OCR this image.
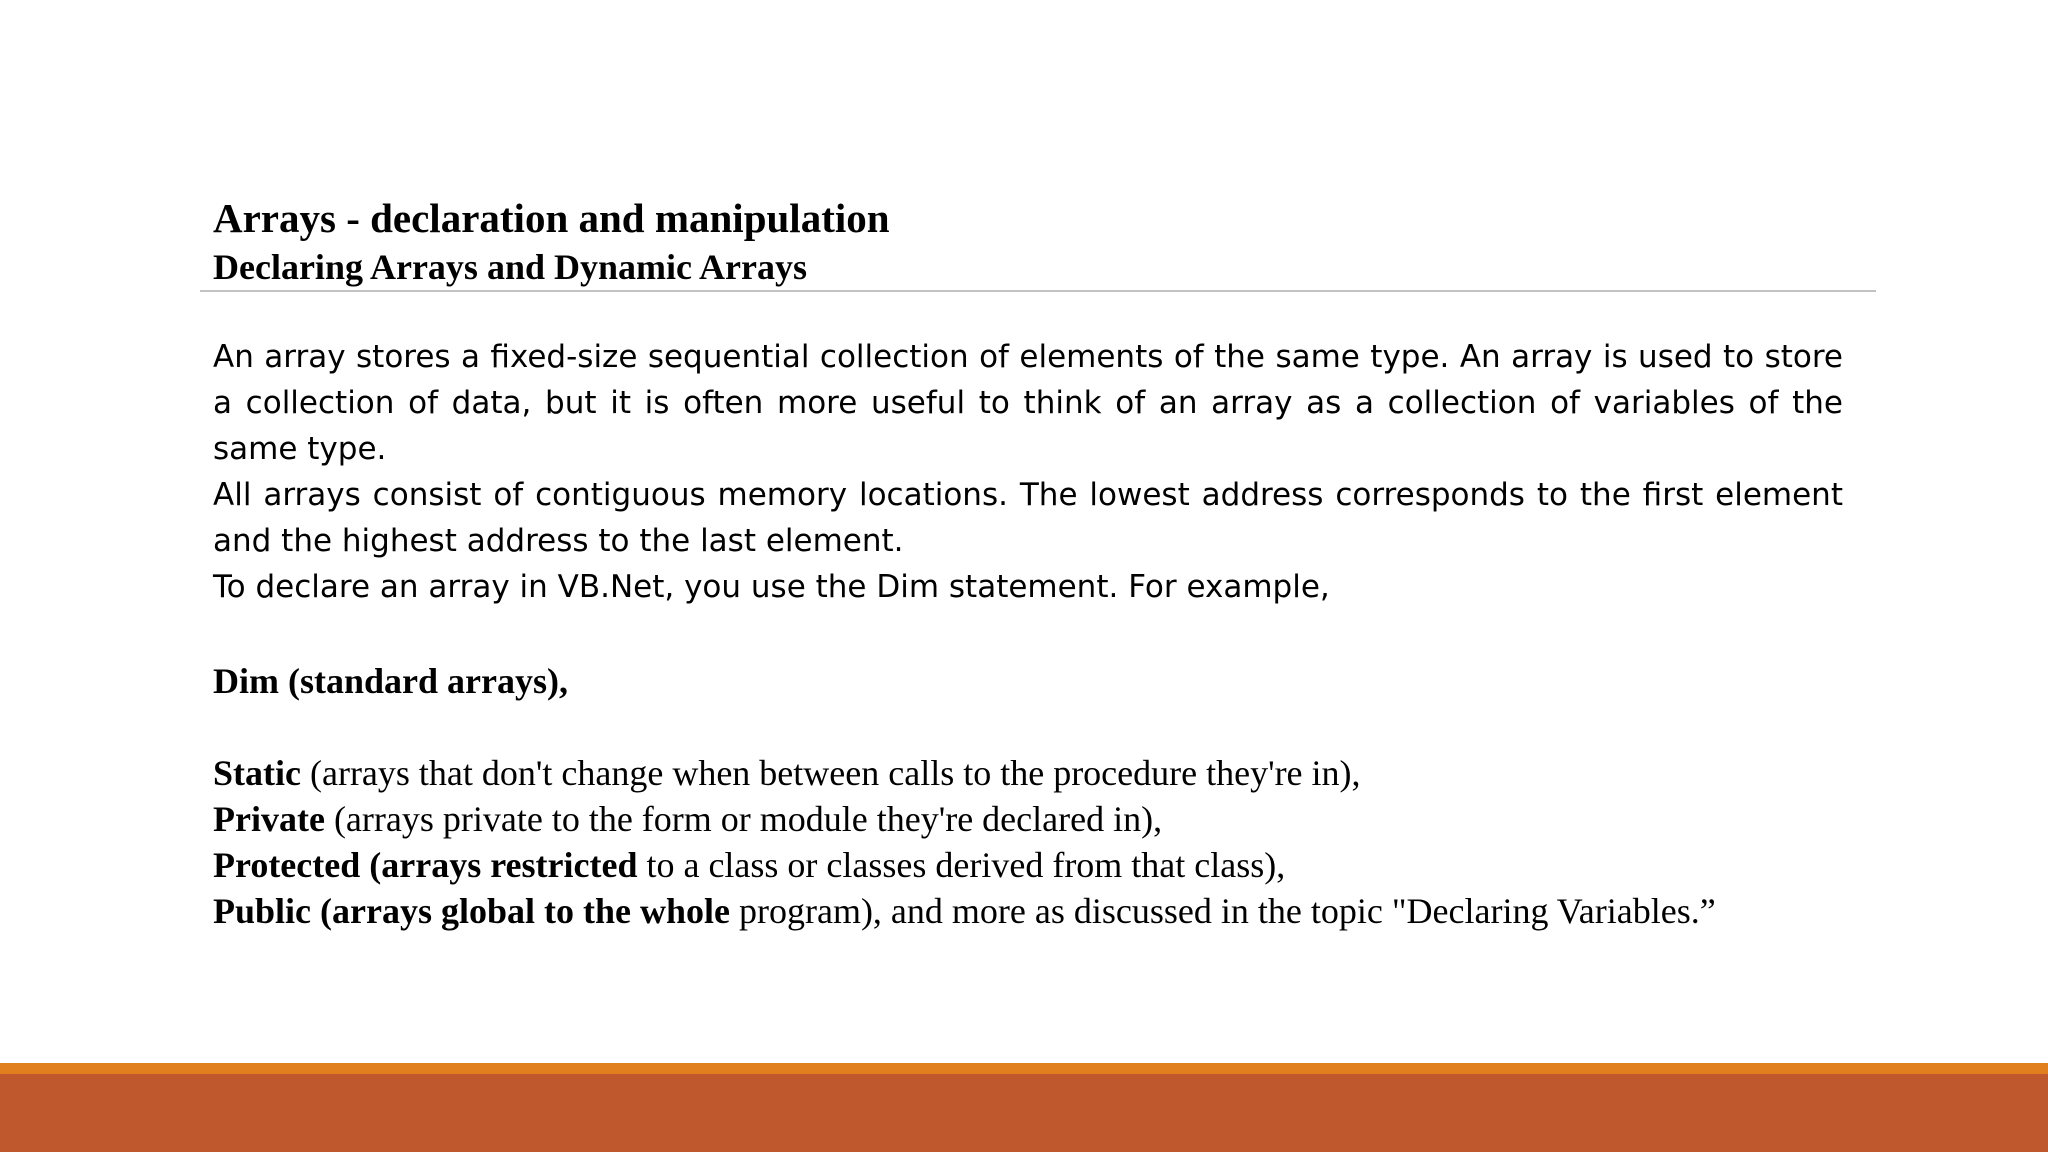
Arrays - declaration and manipulation
Declaring Arrays and Dynamic Arrays

An array stores a fixed-size sequential collection of elements of the same type. An array is used to store a collection of data, but it is often more useful to think of an array as a collection of variables of the same type.

All arrays consist of contiguous memory locations. The lowest address corresponds to the first element and the highest address to the last element.

To declare an array in VB.Net, you use the Dim statement. For example,

Dim (standard arrays),

Static (arrays that don't change when between calls to the procedure they're in),

Private (arrays private to the form or module they're declared in),

Protected (arrays restricted to a class or classes derived from that class),

Public (arrays global to the whole program), and more as discussed in the topic "Declaring Variables.”
